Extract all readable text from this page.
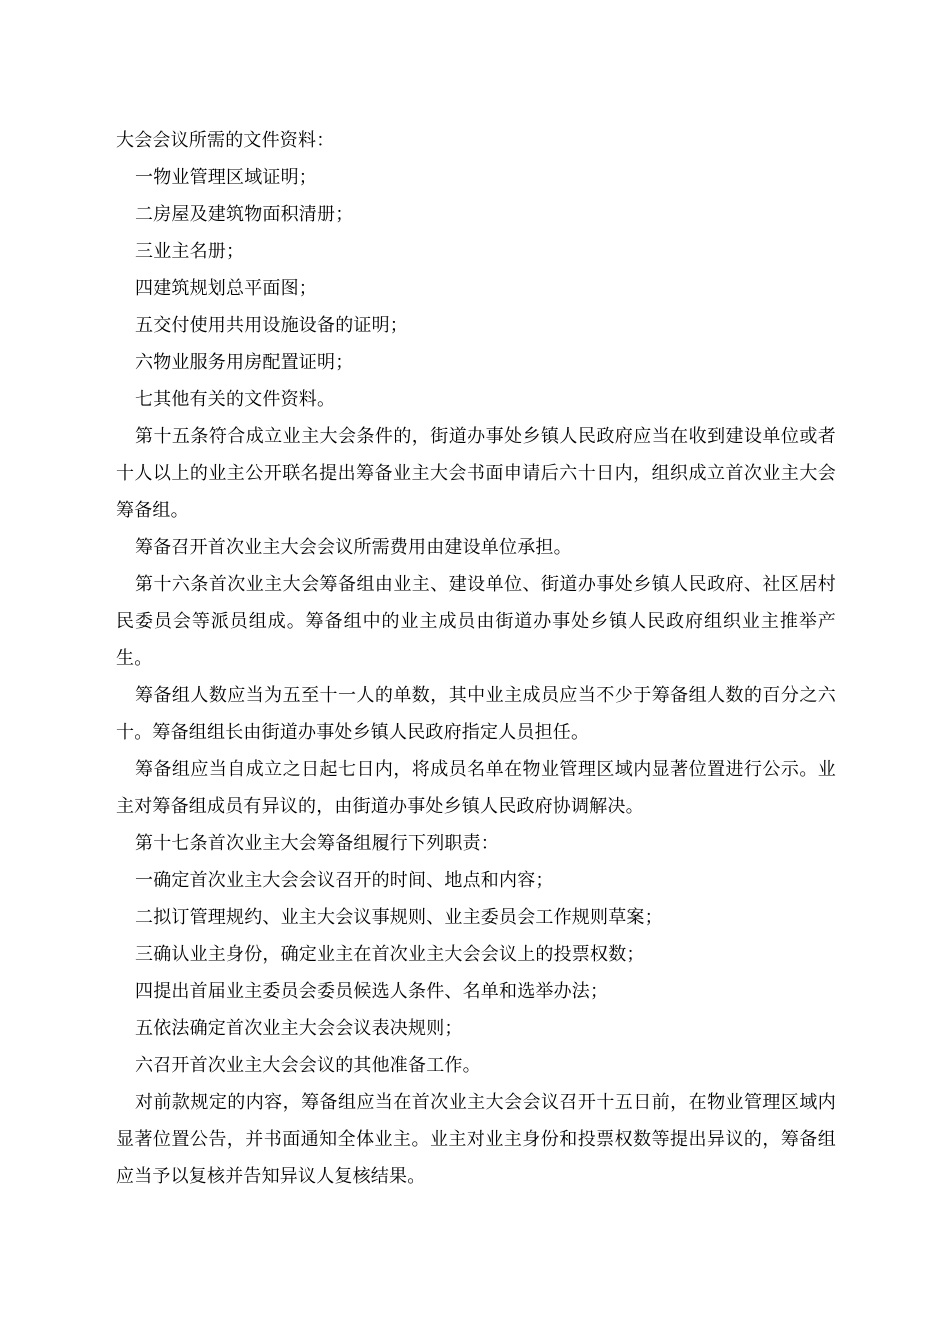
大会会议所需的文件资料：

一物业管理区域证明；

二房屋及建筑物面积清册；

三业主名册；

四建筑规划总平面图；

五交付使用共用设施设备的证明；

六物业服务用房配置证明；

七其他有关的文件资料。

第十五条符合成立业主大会条件的，街道办事处乡镇人民政府应当在收到建设单位或者十人以上的业主公开联名提出筹备业主大会书面申请后六十日内，组织成立首次业主大会筹备组。

筹备召开首次业主大会会议所需费用由建设单位承担。

第十六条首次业主大会筹备组由业主、建设单位、街道办事处乡镇人民政府、社区居村民委员会等派员组成。筹备组中的业主成员由街道办事处乡镇人民政府组织业主推举产生。

筹备组人数应当为五至十一人的单数，其中业主成员应当不少于筹备组人数的百分之六十。筹备组组长由街道办事处乡镇人民政府指定人员担任。

筹备组应当自成立之日起七日内，将成员名单在物业管理区域内显著位置进行公示。业主对筹备组成员有异议的，由街道办事处乡镇人民政府协调解决。

第十七条首次业主大会筹备组履行下列职责：

一确定首次业主大会会议召开的时间、地点和内容；

二拟订管理规约、业主大会议事规则、业主委员会工作规则草案；

三确认业主身份，确定业主在首次业主大会会议上的投票权数；

四提出首届业主委员会委员候选人条件、名单和选举办法；

五依法确定首次业主大会会议表决规则；

六召开首次业主大会会议的其他准备工作。

对前款规定的内容，筹备组应当在首次业主大会会议召开十五日前，在物业管理区域内显著位置公告，并书面通知全体业主。业主对业主身份和投票权数等提出异议的，筹备组应当予以复核并告知异议人复核结果。
